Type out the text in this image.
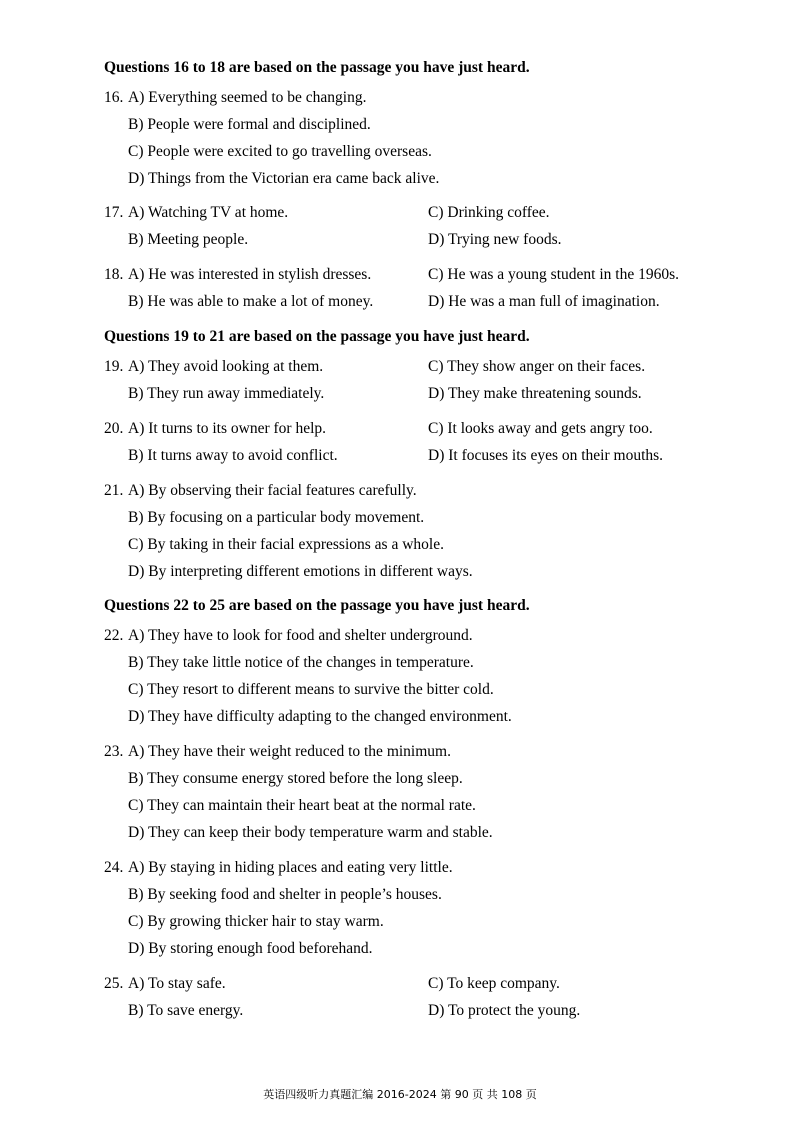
Questions 16 to 18 are based on the passage you have just heard.
16. A) Everything seemed to be changing.
B) People were formal and disciplined.
C) People were excited to go travelling overseas.
D) Things from the Victorian era came back alive.
17. A) Watching TV at home.	C) Drinking coffee.
B) Meeting people.	D) Trying new foods.
18. A) He was interested in stylish dresses.	C) He was a young student in the 1960s.
B) He was able to make a lot of money.	D) He was a man full of imagination.
Questions 19 to 21 are based on the passage you have just heard.
19. A) They avoid looking at them.	C) They show anger on their faces.
B) They run away immediately.	D) They make threatening sounds.
20. A) It turns to its owner for help.	C) It looks away and gets angry too.
B) It turns away to avoid conflict.	D) It focuses its eyes on their mouths.
21. A) By observing their facial features carefully.
B) By focusing on a particular body movement.
C) By taking in their facial expressions as a whole.
D) By interpreting different emotions in different ways.
Questions 22 to 25 are based on the passage you have just heard.
22. A) They have to look for food and shelter underground.
B) They take little notice of the changes in temperature.
C) They resort to different means to survive the bitter cold.
D) They have difficulty adapting to the changed environment.
23. A) They have their weight reduced to the minimum.
B) They consume energy stored before the long sleep.
C) They can maintain their heart beat at the normal rate.
D) They can keep their body temperature warm and stable.
24. A) By staying in hiding places and eating very little.
B) By seeking food and shelter in people’s houses.
C) By growing thicker hair to stay warm.
D) By storing enough food beforehand.
25. A) To stay safe.	C) To keep company.
B) To save energy.	D) To protect the young.
英语四级听力真题汇编 2016-2024 第 90 页 共 108 页
